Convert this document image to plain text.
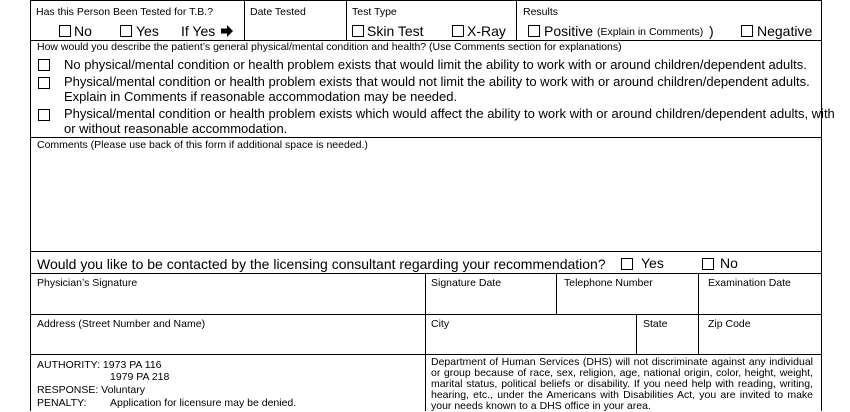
Has this Person Been Tested for T.B.?	Date Tested	Test Type	Results
No	Yes If Yes	Skin Test	X-Ray	Positive (Explain in Comments) )	Negative
How would you describe the patient’s general physical/mental condition and health? (Use Comments section for explanations)
No physical/mental condition or health problem exists that would limit the ability to work with or around children/dependent adults.
Physical/mental condition or health problem exists that would not limit the ability to work with or around children/dependent adults.
Explain in Comments if reasonable accommodation may be needed.
Physical/mental condition or health problem exists which would affect the ability to work with or around children/dependent adults, with
or without reasonable accommodation.
Comments (Please use back of this form if additional space is needed.)
Would you like to be contacted by the licensing consultant regarding your recommendation?	Yes	No
Physician’s Signature	Signature Date	Telephone Number	Examination Date
Address (Street Number and Name)	City	State	Zip Code
AUTHORITY: 1973 PA 116
1979 PA 218
RESPONSE: Voluntary
PENALTY: Application for licensure may be denied.
Department of Human Services (DHS) will not discriminate against any individual or group because of race, sex, religion, age, national origin, color, height, weight, marital status, political beliefs or disability. If you need help with reading, writing, hearing, etc., under the Americans with Disabilities Act, you are invited to make your needs known to a DHS office in your area.
